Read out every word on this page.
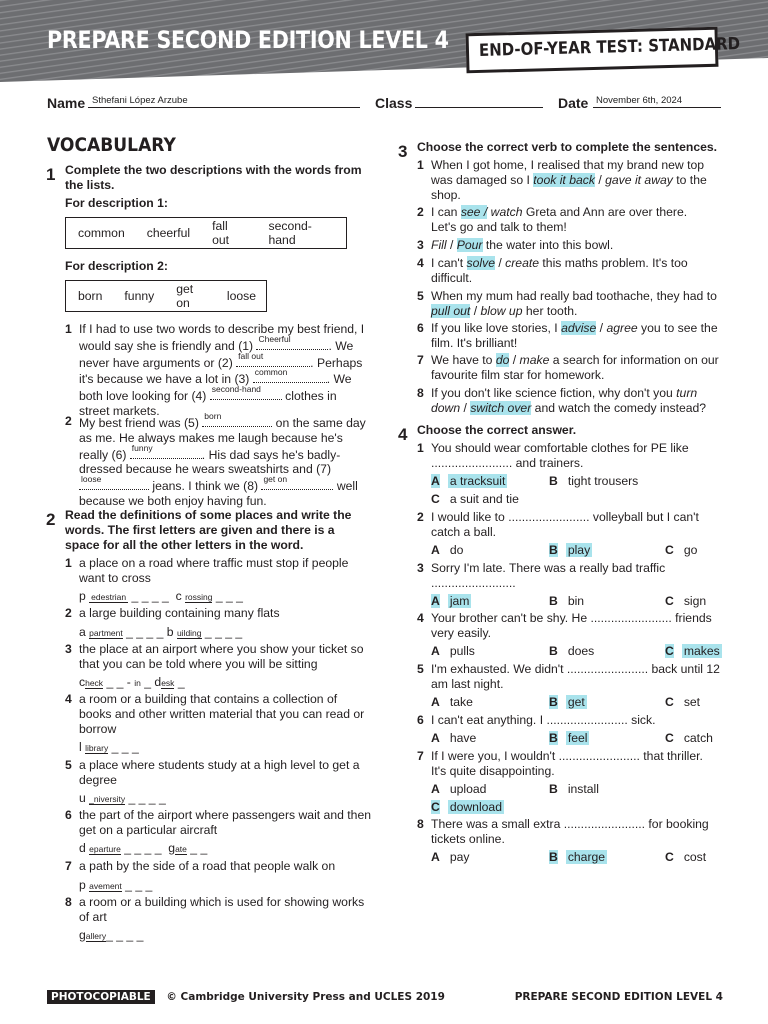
PREPARE SECOND EDITION LEVEL 4 END-OF-YEAR TEST: STANDARD
Name Sthefani López Arzube	Class	Date November 6th, 2024
VOCABULARY
1 Complete the two descriptions with the words from the lists.
For description 1:
common cheerful fall out
second-hand
For description 2:
born funny get on	loose
1 If I had to use two words to describe my best friend, I would say she is friendly and (1) Cheerful	. We never have arguments or (2) fall out	. Perhaps it's because we have a lot in (3) common	. We both love looking for (4) second-hand clothes in street markets.
2 My best friend was (5) born	on the same day as me. He always makes me laugh because he's really (6) funny	. His dad says he's badly-dressed because he wears sweatshirts and (7)
loose	jeans. I think we (8) get on	well because we both enjoy having fun.
2 Read the definitions of some places and write the words. The first letters are given and there is a space for all the other letters in the word.
1 a place on a road where traffic must stop if people want to cross
p edestrian _ _ _ _  c rossing _ _ _
2 a large building containing many flats
a partment _ _ _ _ b uilding _ _ _ _
3 the place at an airport where you show your ticket so that you can be told where you will be sitting
check _ _ - in _ desk _
4 a room or a building that contains a collection of books and other written material that you can read or borrow
l library _ _ _
5 a place where students study at a high level to get a degree
u _niversity _ _ _ _
6 the part of the airport where passengers wait and then get on a particular aircraft
d eparture _ _ _ _  gate _ _
7 a path by the side of a road that people walk on
p avement _ _ _
8 a room or a building which is used for showing works of art
gallery_ _ _ _
3 Choose the correct verb to complete the sentences.
1 When I got home, I realised that my brand new top was damaged so I took it back / gave it away to the shop.
2 I can see / watch Greta and Ann are over there. Let's go and talk to them!
3 Fill / Pour the water into this bowl.
4 I can't solve / create this maths problem. It's too difficult.
5 When my mum had really bad toothache, they had to pull out / blow up her tooth.
6 If you like love stories, I advise / agree you to see the film. It's brilliant!
7 We have to do / make a search for information on our favourite film star for homework.
8 If you don't like science fiction, why don't you turn down / switch over and watch the comedy instead?
4 Choose the correct answer.
1 You should wear comfortable clothes for PE like ........................ and trainers.
A a tracksuit	B tight trousers
C a suit and tie
2 I would like to ........................ volleyball but I can't catch a ball.
A do	B play	C go
3 Sorry I'm late. There was a really bad traffic .........................
A jam	B bin	C sign
4 Your brother can't be shy. He ........................ friends very easily.
A pulls	B does	C makes
5 I'm exhausted. We didn't ........................ back until 12 am last night.
A take	B get	C set
6 I can't eat anything. I ........................ sick.
A have	B feel	C catch
7 If I were you, I wouldn't ........................ that thriller. It's quite disappointing.
A upload	B install
C download
8 There was a small extra ........................ for booking tickets online.
A pay	B charge	C cost
PHOTOCOPIABLE © Cambridge University Press and UCLES 2019	PREPARE SECOND EDITION LEVEL 4
